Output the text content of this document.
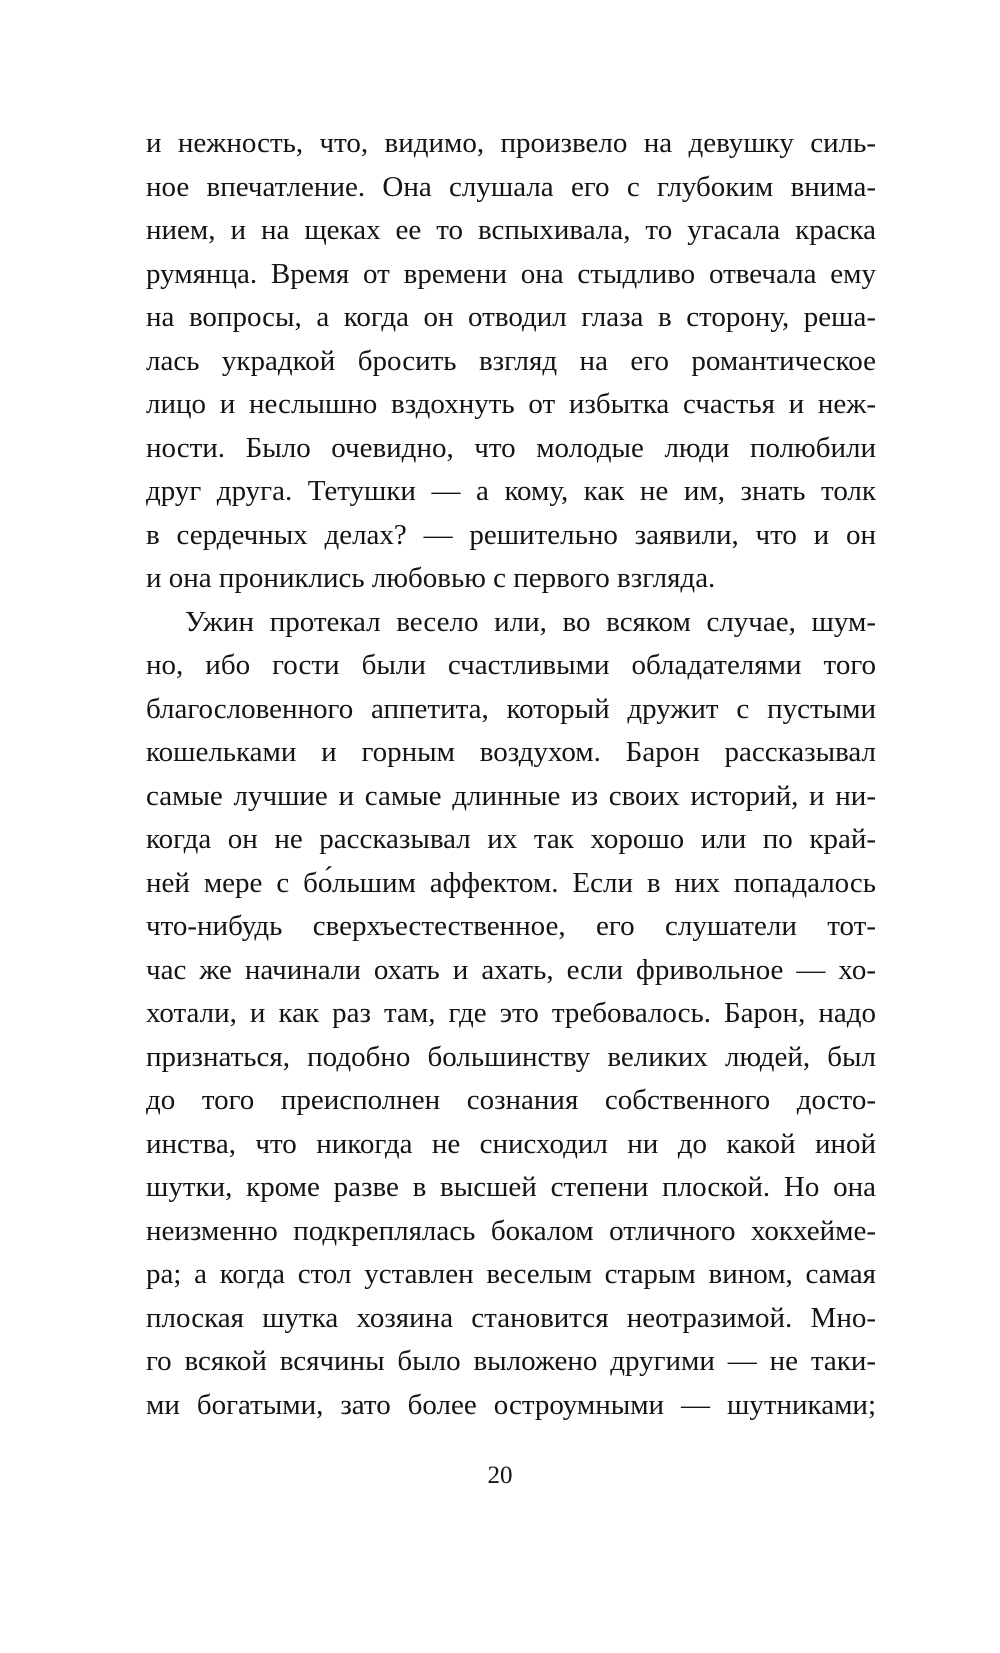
и нежность, что, видимо, произвело на девушку силь-

ное впечатление. Она слушала его с глубоким внима-

нием, и на щеках ее то вспыхивала, то угасала краска

румянца. Время от времени она стыдливо отвечала ему

на вопросы, а когда он отводил глаза в сторону, реша-

лась украдкой бросить взгляд на его романтическое

лицо и неслышно вздохнуть от избытка счастья и неж-

ности. Было очевидно, что молодые люди полюбили

друг друга. Тетушки — а кому, как не им, знать толк

в сердечных делах? — решительно заявили, что и он

и она прониклись любовью с первого взгляда.

Ужин протекал весело или, во всяком случае, шум-

но, ибо гости были счастливыми обладателями того

благословенного аппетита, который дружит с пустыми

кошельками и горным воздухом. Барон рассказывал

самые лучшие и самые длинные из своих историй, и ни-

когда он не рассказывал их так хорошо или по край-

ней мере с бо́льшим аффектом. Если в них попадалось

что-нибудь сверхъестественное, его слушатели тот-

час же начинали охать и ахать, если фривольное — хо-

хотали, и как раз там, где это требовалось. Барон, надо

признаться, подобно большинству великих людей, был

до того преисполнен сознания собственного досто-

инства, что никогда не снисходил ни до какой иной

шутки, кроме разве в высшей степени плоской. Но она

неизменно подкреплялась бокалом отличного хокхейме-

ра; а когда стол уставлен веселым старым вином, самая

плоская шутка хозяина становится неотразимой. Мно-

го всякой всячины было выложено другими — не таки-

ми богатыми, зато более остроумными — шутниками;

20
